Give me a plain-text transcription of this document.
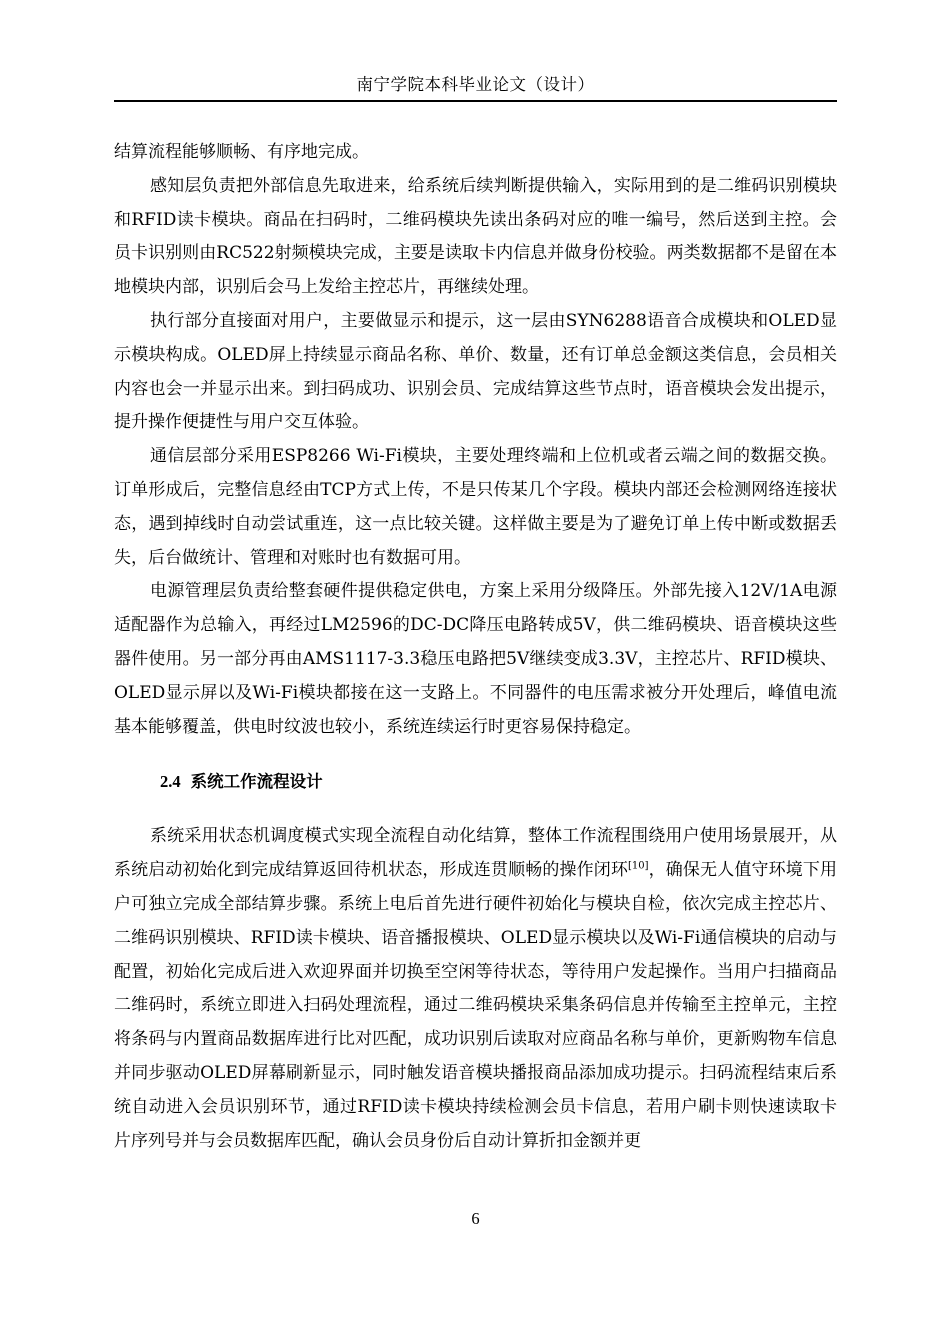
南宁学院本科毕业论文（设计）

结算流程能够顺畅、有序地完成。

感知层负责把外部信息先取进来，给系统后续判断提供输入，实际用到的是二维码识别模块和RFID读卡模块。商品在扫码时，二维码模块先读出条码对应的唯一编号，然后送到主控。会员卡识别则由RC522射频模块完成，主要是读取卡内信息并做身份校验。两类数据都不是留在本地模块内部，识别后会马上发给主控芯片，再继续处理。

执行部分直接面对用户，主要做显示和提示，这一层由SYN6288语音合成模块和OLED显示模块构成。OLED屏上持续显示商品名称、单价、数量，还有订单总金额这类信息，会员相关内容也会一并显示出来。到扫码成功、识别会员、完成结算这些节点时，语音模块会发出提示，提升操作便捷性与用户交互体验。

通信层部分采用ESP8266 Wi-Fi模块，主要处理终端和上位机或者云端之间的数据交换。订单形成后，完整信息经由TCP方式上传，不是只传某几个字段。模块内部还会检测网络连接状态，遇到掉线时自动尝试重连，这一点比较关键。这样做主要是为了避免订单上传中断或数据丢失，后台做统计、管理和对账时也有数据可用。

电源管理层负责给整套硬件提供稳定供电，方案上采用分级降压。外部先接入12V/1A电源适配器作为总输入，再经过LM2596的DC-DC降压电路转成5V，供二维码模块、语音模块这些器件使用。另一部分再由AMS1117-3.3稳压电路把5V继续变成3.3V，主控芯片、RFID模块、OLED显示屏以及Wi-Fi模块都接在这一支路上。不同器件的电压需求被分开处理后，峰值电流基本能够覆盖，供电时纹波也较小，系统连续运行时更容易保持稳定。

2.4 系统工作流程设计

系统采用状态机调度模式实现全流程自动化结算，整体工作流程围绕用户使用场景展开，从系统启动初始化到完成结算返回待机状态，形成连贯顺畅的操作闭环[10]，确保无人值守环境下用户可独立完成全部结算步骤。系统上电后首先进行硬件初始化与模块自检，依次完成主控芯片、二维码识别模块、RFID读卡模块、语音播报模块、OLED显示模块以及Wi-Fi通信模块的启动与配置，初始化完成后进入欢迎界面并切换至空闲等待状态，等待用户发起操作。当用户扫描商品二维码时，系统立即进入扫码处理流程，通过二维码模块采集条码信息并传输至主控单元，主控将条码与内置商品数据库进行比对匹配，成功识别后读取对应商品名称与单价，更新购物车信息并同步驱动OLED屏幕刷新显示，同时触发语音模块播报商品添加成功提示。扫码流程结束后系统自动进入会员识别环节，通过RFID读卡模块持续检测会员卡信息，若用户刷卡则快速读取卡片序列号并与会员数据库匹配，确认会员身份后自动计算折扣金额并更

6
